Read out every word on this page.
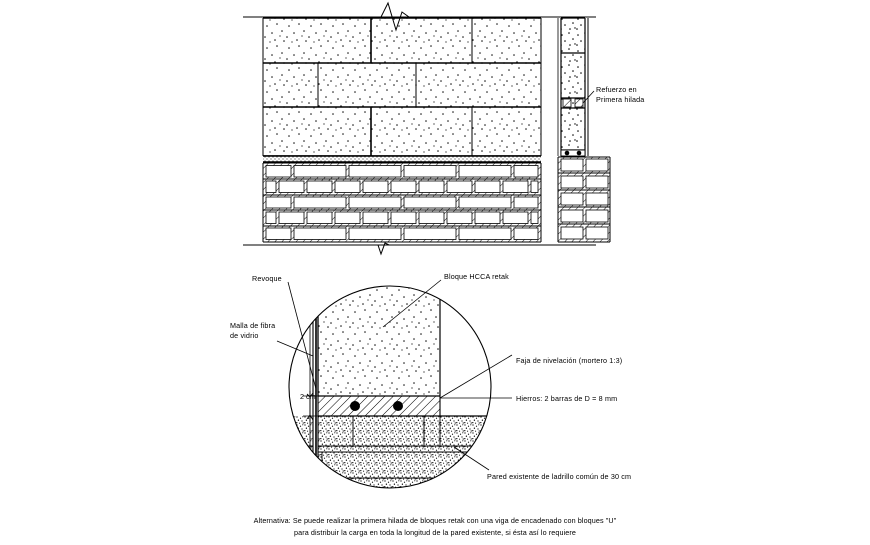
Refuerzo en
Primera hilada
Revoque
Malla de fibra
de vidrio
Bloque HCCA retak
Faja de nivelación (mortero 1:3)
Hierros: 2 barras de D = 8 mm
Pared existente de ladrillo común de 30 cm
2 cm
Alternativa: Se puede realizar la primera hilada de bloques retak con una viga de encadenado con bloques "U"
para distribuir la carga en toda la longitud de la pared existente, si ésta así lo requiere
